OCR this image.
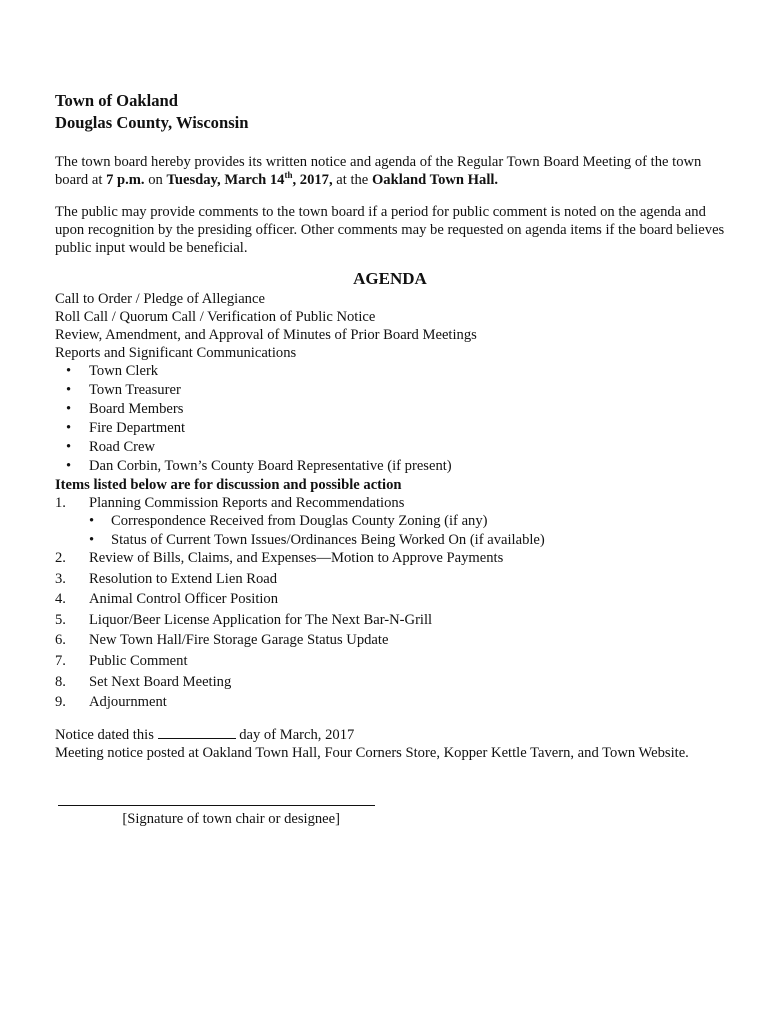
Town of Oakland
Douglas County, Wisconsin
The town board hereby provides its written notice and agenda of the Regular Town Board Meeting of the town board at 7 p.m. on Tuesday, March 14th, 2017, at the Oakland Town Hall.
The public may provide comments to the town board if a period for public comment is noted on the agenda and upon recognition by the presiding officer. Other comments may be requested on agenda items if the board believes public input would be beneficial.
AGENDA
Call to Order / Pledge of Allegiance
Roll Call / Quorum Call / Verification of Public Notice
Review, Amendment, and Approval of Minutes of Prior Board Meetings
Reports and Significant Communications
• Town Clerk
• Town Treasurer
• Board Members
• Fire Department
• Road Crew
• Dan Corbin, Town’s County Board Representative (if present)
Items listed below are for discussion and possible action
1. Planning Commission Reports and Recommendations
• Correspondence Received from Douglas County Zoning (if any)
• Status of Current Town Issues/Ordinances Being Worked On (if available)
2. Review of Bills, Claims, and Expenses—Motion to Approve Payments
3. Resolution to Extend Lien Road
4. Animal Control Officer Position
5. Liquor/Beer License Application for The Next Bar-N-Grill
6. New Town Hall/Fire Storage Garage Status Update
7. Public Comment
8. Set Next Board Meeting
9. Adjournment
Notice dated this	day of March, 2017
Meeting notice posted at Oakland Town Hall, Four Corners Store, Kopper Kettle Tavern, and Town Website.
[Signature of town chair or designee]
